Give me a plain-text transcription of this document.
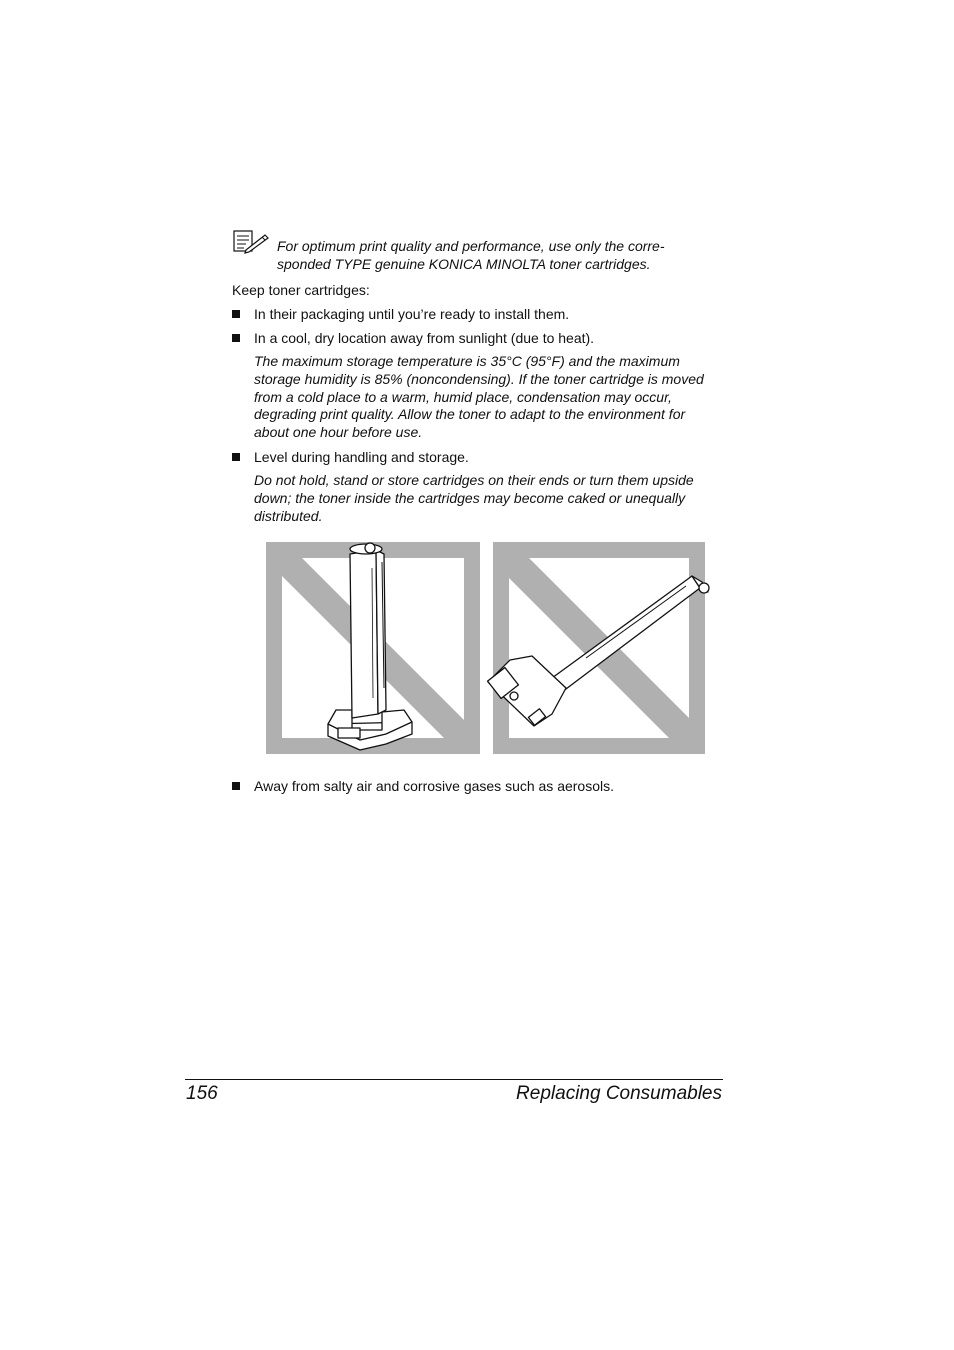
For optimum print quality and performance, use only the corre-
sponded TYPE genuine KONICA MINOLTA toner cartridges.
Keep toner cartridges:
In their packaging until you’re ready to install them.
In a cool, dry location away from sunlight (due to heat).
The maximum storage temperature is 35°C (95°F) and the maximum
storage humidity is 85% (noncondensing). If the toner cartridge is moved
from a cold place to a warm, humid place, condensation may occur,
degrading print quality. Allow the toner to adapt to the environment for
about one hour before use.
Level during handling and storage.
Do not hold, stand or store cartridges on their ends or turn them upside
down; the toner inside the cartridges may become caked or unequally
distributed.
Away from salty air and corrosive gases such as aerosols.
156	Replacing Consumables
